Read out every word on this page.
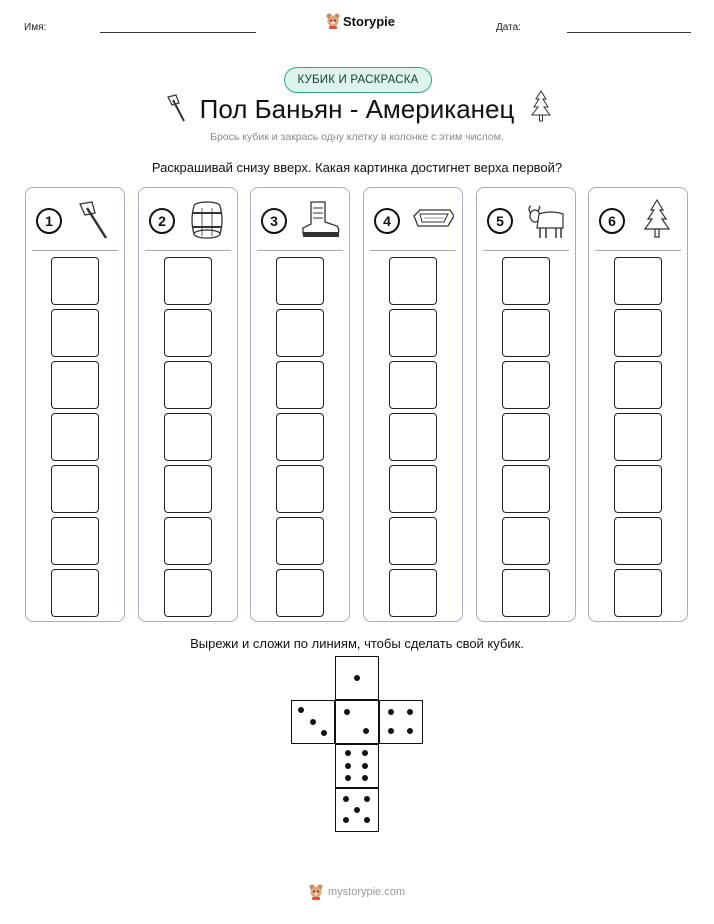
Имя:	Storypie	Дата:
КУБИК И РАСКРАСКА
Пол Баньян - Американец
Брось кубик и закрась одну клетку в колонке с этим числом.
Раскрашивай снизу вверх. Какая картинка достигнет верха первой?
1	2	3	4	5	6
Вырежи и сложи по линиям, чтобы сделать свой кубик.
mystorypie.com
